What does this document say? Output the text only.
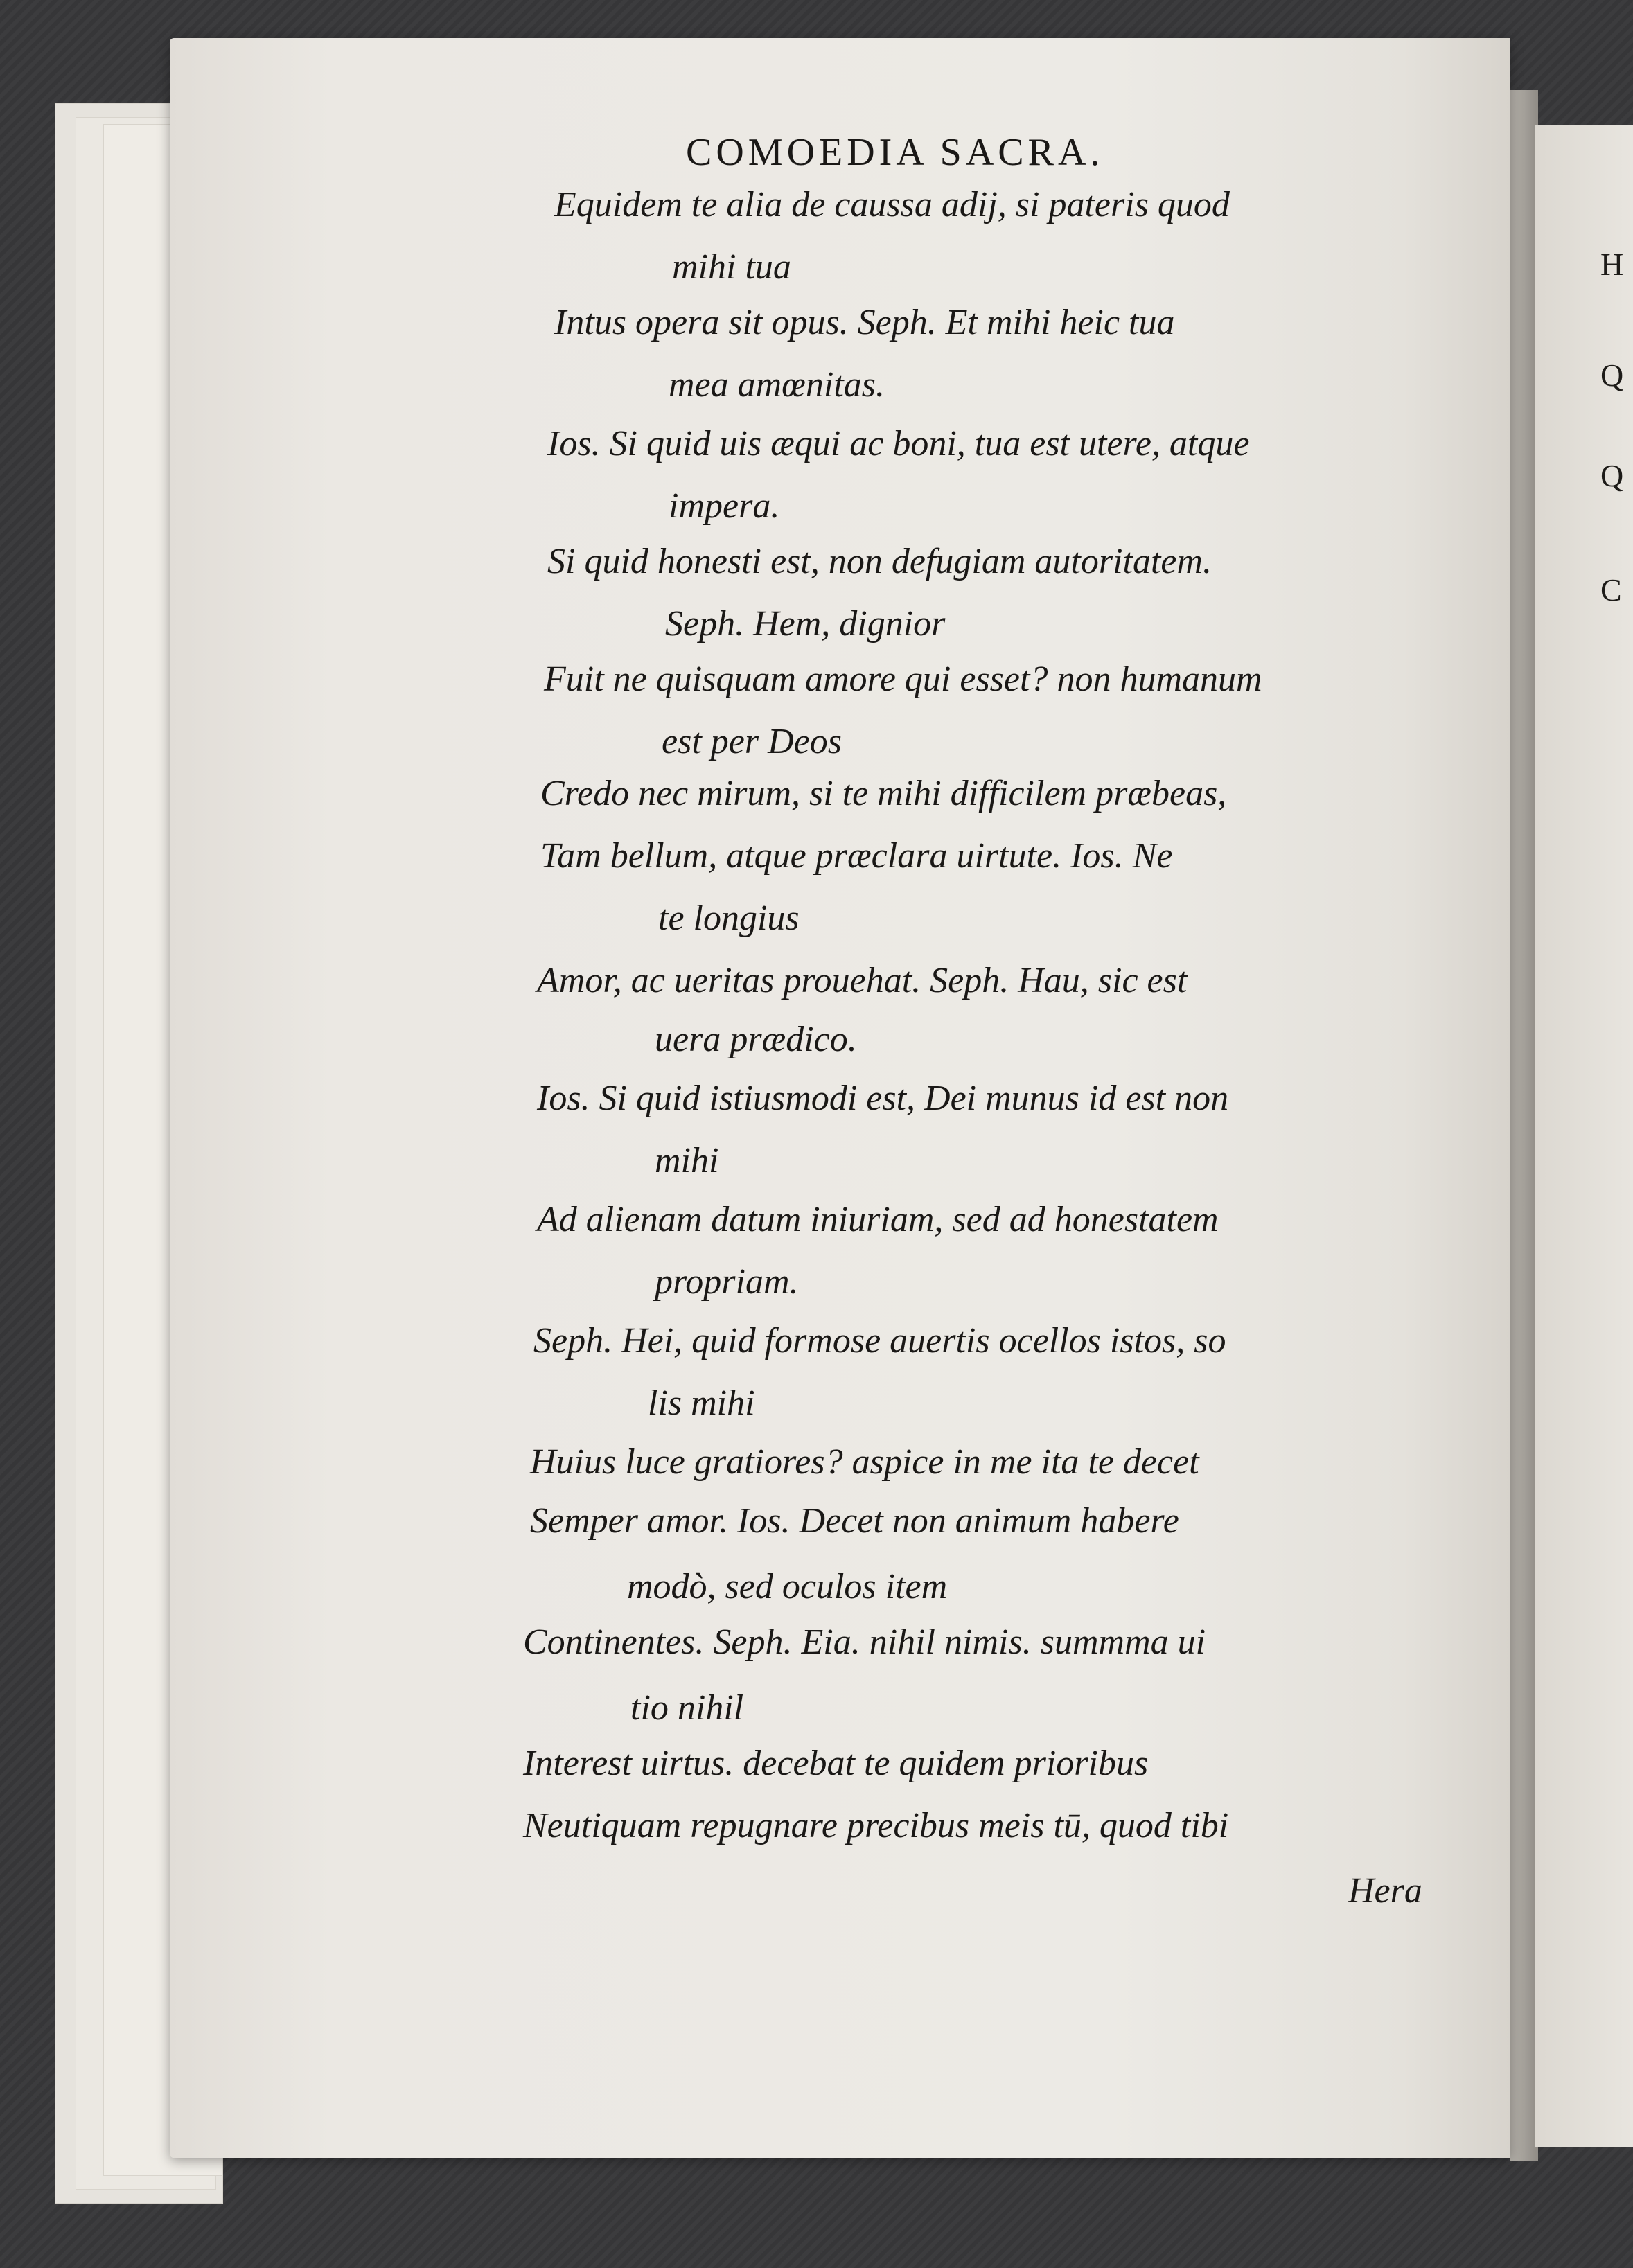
H
Q
Q
C
COMOEDIA SACRA.
Equidem te alia de caussa adij, si pateris quod
mihi tua
Intus opera sit opus. Seph. Et mihi heic tua
mea amœnitas.
Ios. Si quid uis æqui ac boni, tua est utere, atque
impera.
Si quid honesti est, non defugiam autoritatem.
Seph. Hem, dignior
Fuit ne quisquam amore qui esset? non humanum
est per Deos
Credo nec mirum, si te mihi difficilem præbeas,
Tam bellum, atque præclara uirtute. Ios. Ne
te longius
Amor, ac ueritas prouehat. Seph. Hau, sic est
uera prædico.
Ios. Si quid istiusmodi est, Dei munus id est non
mihi
Ad alienam datum iniuriam, sed ad honestatem
propriam.
Seph. Hei, quid formose auertis ocellos istos, so
lis mihi
Huius luce gratiores? aspice in me ita te decet
Semper amor. Ios. Decet non animum habere
modò, sed oculos item
Continentes. Seph. Eia. nihil nimis. summma ui
tio nihil
Interest uirtus. decebat te quidem prioribus
Neutiquam repugnare precibus meis tū, quod tibi
Hera
